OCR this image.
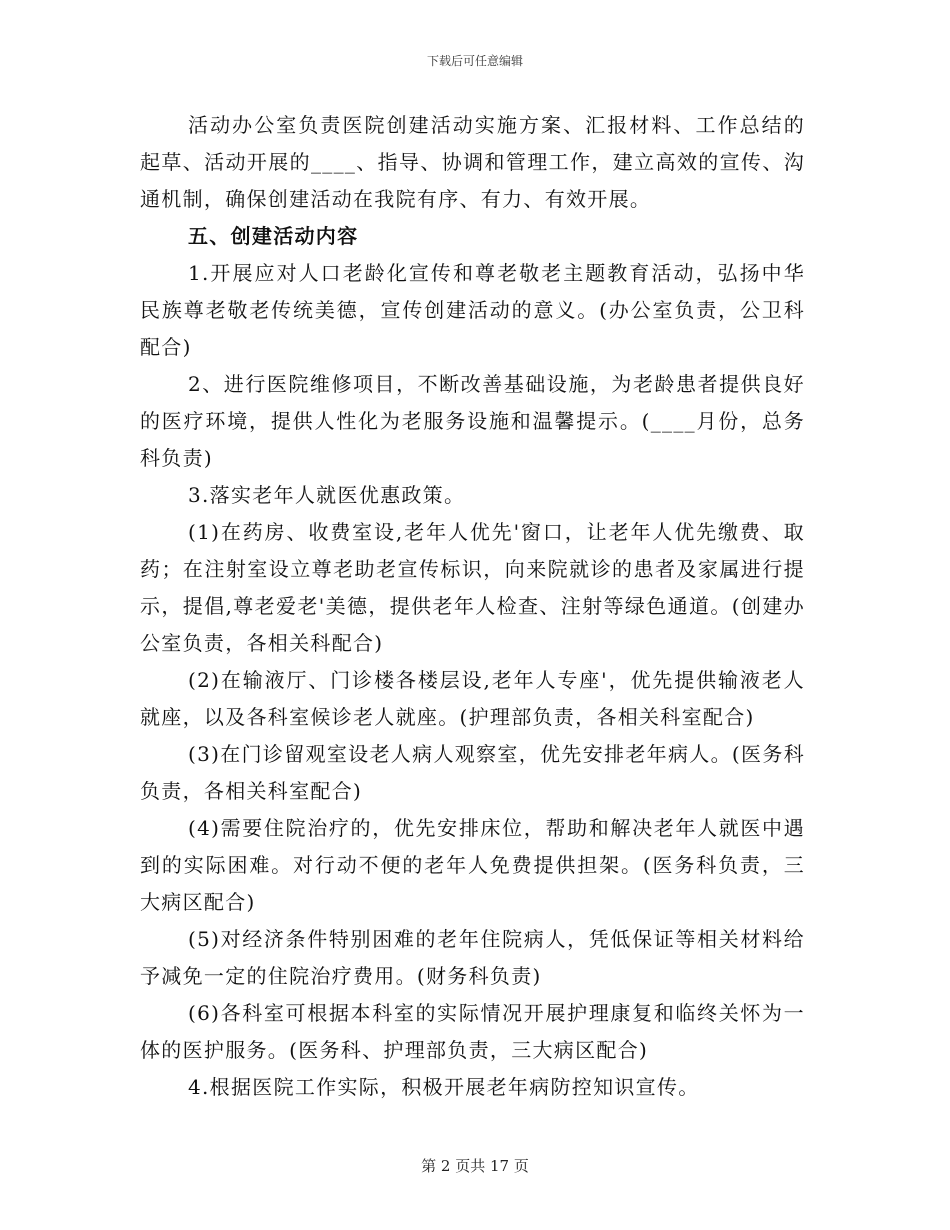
下载后可任意编辑

活动办公室负责医院创建活动实施方案、汇报材料、工作总结的起草、活动开展的____、指导、协调和管理工作，建立高效的宣传、沟通机制，确保创建活动在我院有序、有力、有效开展。

五、创建活动内容

1.开展应对人口老龄化宣传和尊老敬老主题教育活动，弘扬中华民族尊老敬老传统美德，宣传创建活动的意义。(办公室负责，公卫科配合)

2、进行医院维修项目，不断改善基础设施，为老龄患者提供良好的医疗环境，提供人性化为老服务设施和温馨提示。(____月份，总务科负责)

3.落实老年人就医优惠政策。

(1)在药房、收费室设,老年人优先'窗口，让老年人优先缴费、取药；在注射室设立尊老助老宣传标识，向来院就诊的患者及家属进行提示，提倡,尊老爱老'美德，提供老年人检查、注射等绿色通道。(创建办公室负责，各相关科配合)

(2)在输液厅、门诊楼各楼层设,老年人专座'，优先提供输液老人就座，以及各科室候诊老人就座。(护理部负责，各相关科室配合)

(3)在门诊留观室设老人病人观察室，优先安排老年病人。(医务科负责，各相关科室配合)

(4)需要住院治疗的，优先安排床位，帮助和解决老年人就医中遇到的实际困难。对行动不便的老年人免费提供担架。(医务科负责，三大病区配合)

(5)对经济条件特别困难的老年住院病人，凭低保证等相关材料给予减免一定的住院治疗费用。(财务科负责)

(6)各科室可根据本科室的实际情况开展护理康复和临终关怀为一体的医护服务。(医务科、护理部负责，三大病区配合)

4.根据医院工作实际，积极开展老年病防控知识宣传。

第 2 页共 17 页
